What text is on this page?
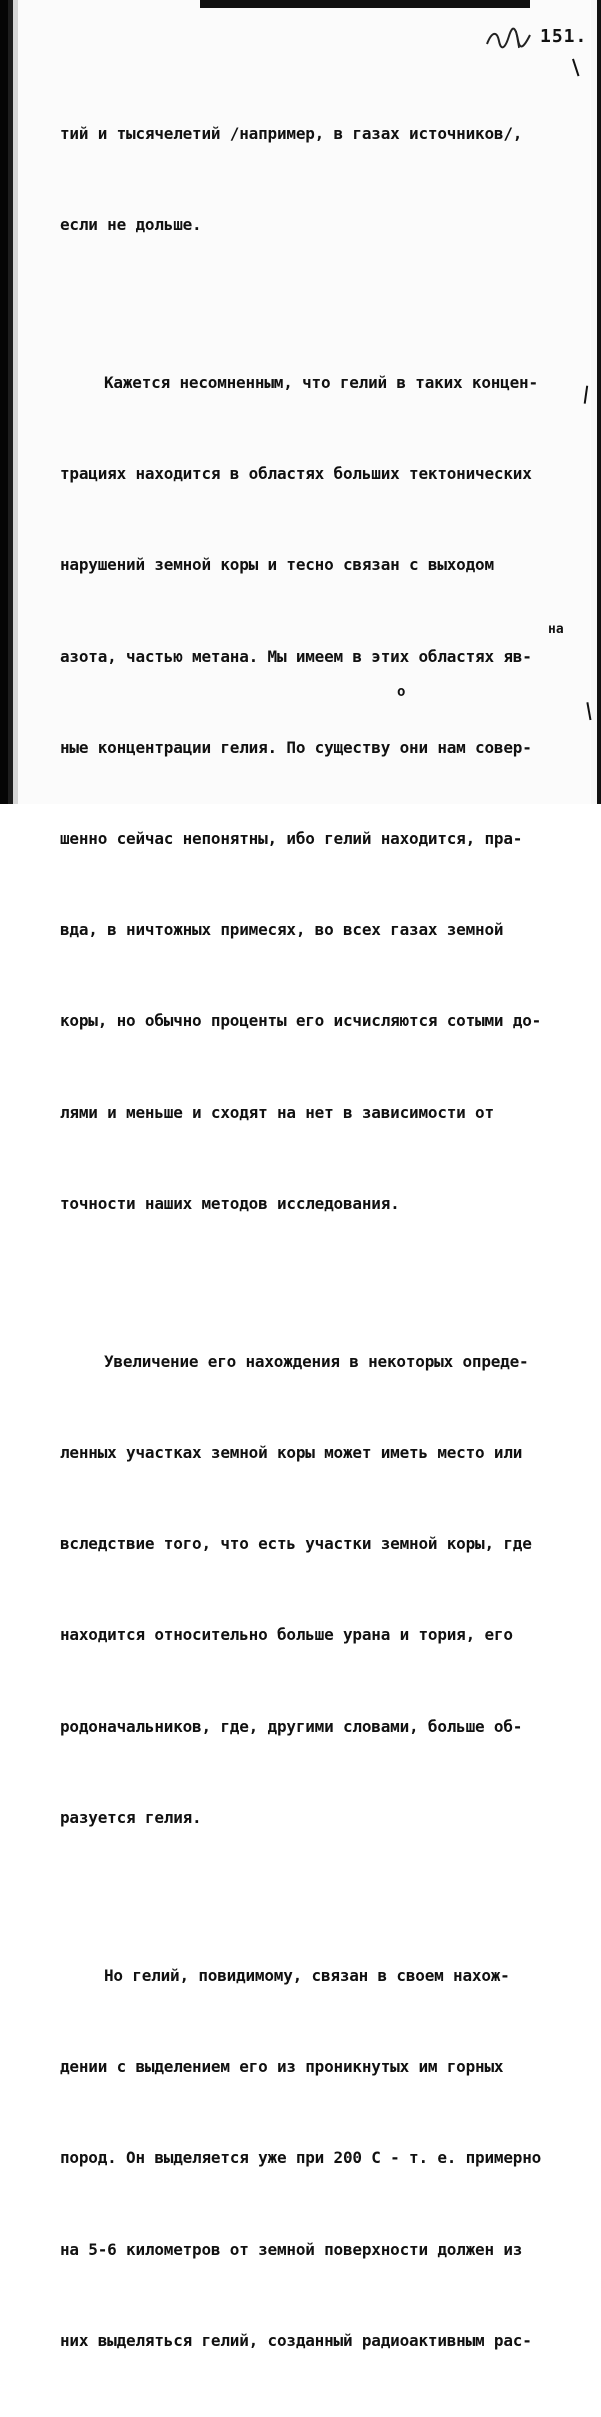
151.

тий и тысячелетий /например, в газах источников/,

если не дольше.

Кажется несомненным, что гелий в таких концен-

трациях находится в областях больших тектонических

нарушений земной коры и тесно связан с выходом

азота, частью метана. Мы имеем в этих областях яв-

ные концентрации гелия. По существу они нам совер-

шенно сейчас непонятны, ибо гелий находится, пра-

вда, в ничтожных примесях, во всех газах земной

коры, но обычно проценты его исчисляются сотыми до-

лями и меньше и сходят на нет в зависимости от

точности наших методов исследования.

Увеличение его нахождения в некоторых опреде-

ленных участках земной коры может иметь место или

вследствие того, что есть участки земной коры, где

находится относительно больше урана и тория, его

родоначальников, где, другими словами, больше об-

разуется гелия.

Но гелий, повидимому, связан в своем нахож-

дении с выделением его из проникнутых им горных

пород. Он выделяется уже при 200 С - т. е. примерно

на 5-6 километров от земной поверхности должен из

них выделяться гелий, созданный радиоактивным рас-

на
о
